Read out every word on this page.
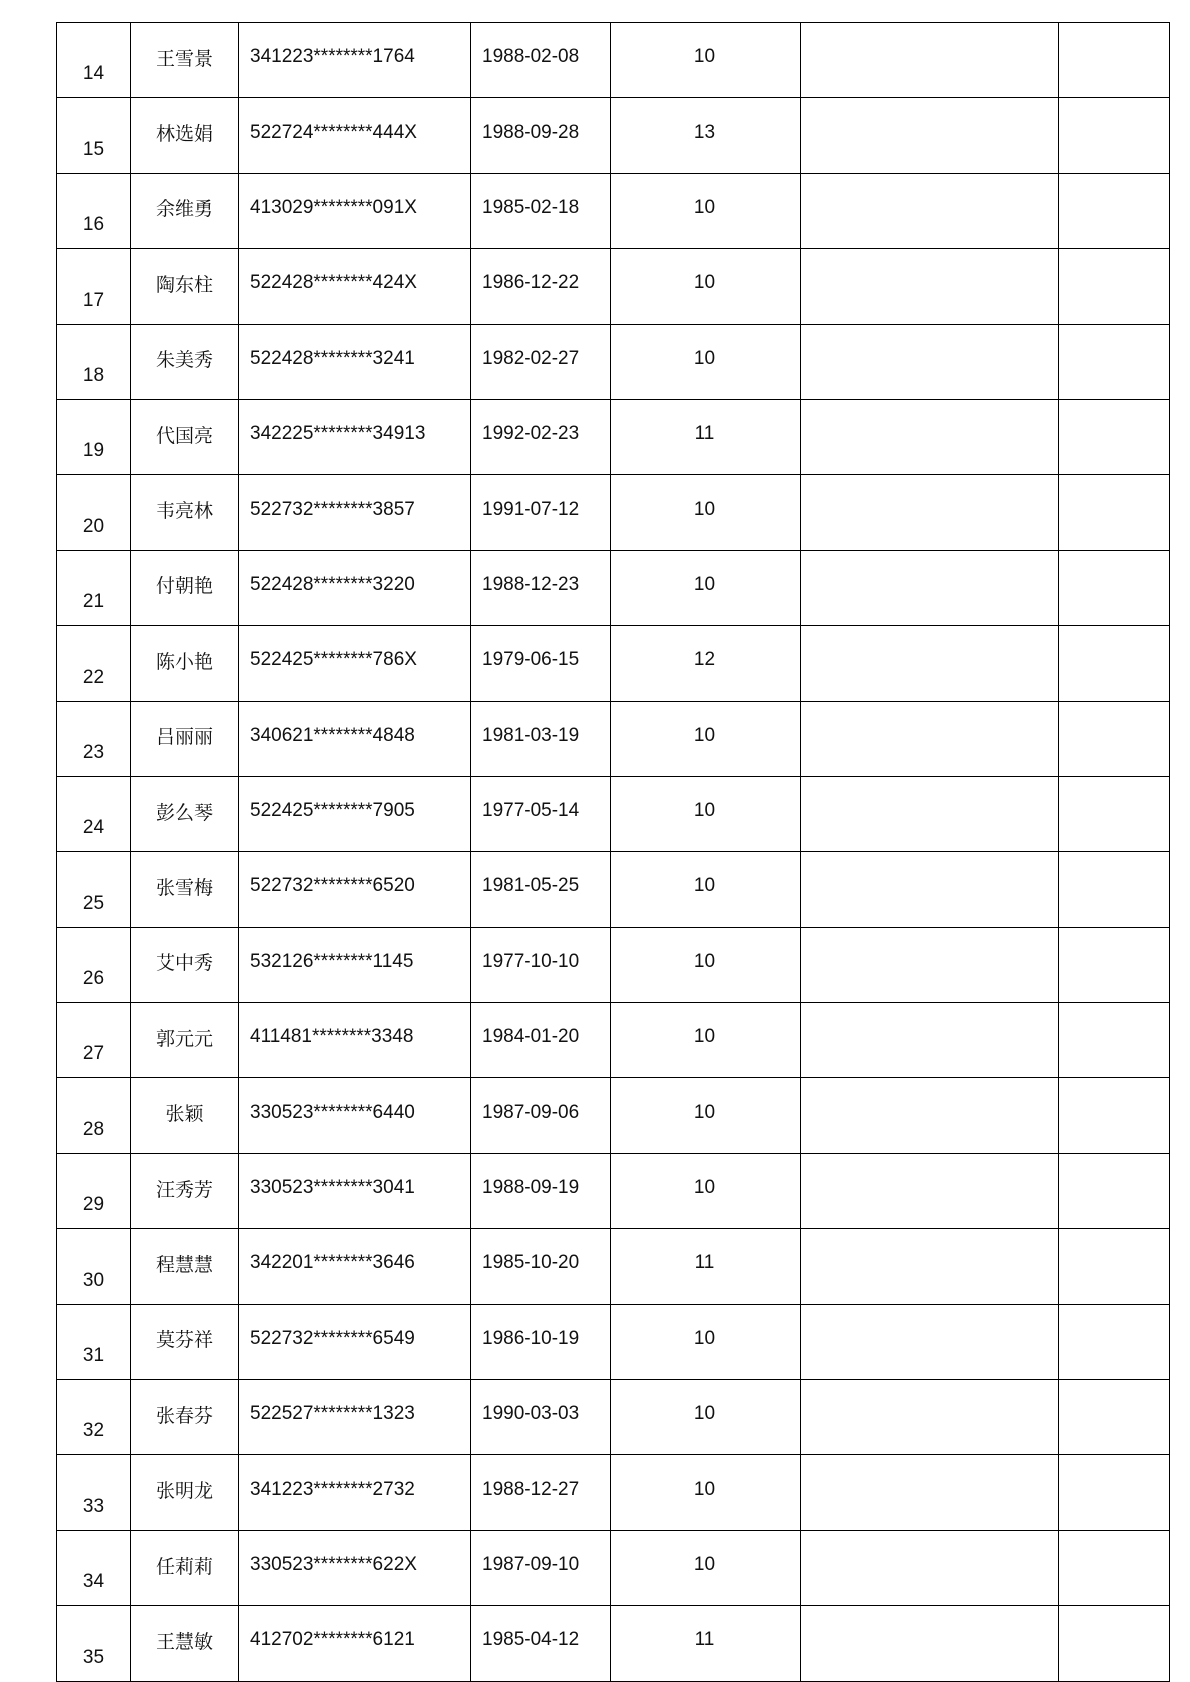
14	王雪景	341223********1764	1988-02-08	10		
15	林选娟	522724********444X	1988-09-28	13		
16	余维勇	413029********091X	1985-02-18	10		
17	陶东柱	522428********424X	1986-12-22	10		
18	朱美秀	522428********3241	1982-02-27	10		
19	代国亮	342225********34913	1992-02-23	11		
20	韦亮林	522732********3857	1991-07-12	10		
21	付朝艳	522428********3220	1988-12-23	10		
22	陈小艳	522425********786X	1979-06-15	12		
23	吕丽丽	340621********4848	1981-03-19	10		
24	彭么琴	522425********7905	1977-05-14	10		
25	张雪梅	522732********6520	1981-05-25	10		
26	艾中秀	532126********1145	1977-10-10	10		
27	郭元元	411481********3348	1984-01-20	10		
28	张颖	330523********6440	1987-09-06	10		
29	汪秀芳	330523********3041	1988-09-19	10		
30	程慧慧	342201********3646	1985-10-20	11		
31	莫芬祥	522732********6549	1986-10-19	10		
32	张春芬	522527********1323	1990-03-03	10		
33	张明龙	341223********2732	1988-12-27	10		
34	任莉莉	330523********622X	1987-09-10	10		
35	王慧敏	412702********6121	1985-04-12	11		
